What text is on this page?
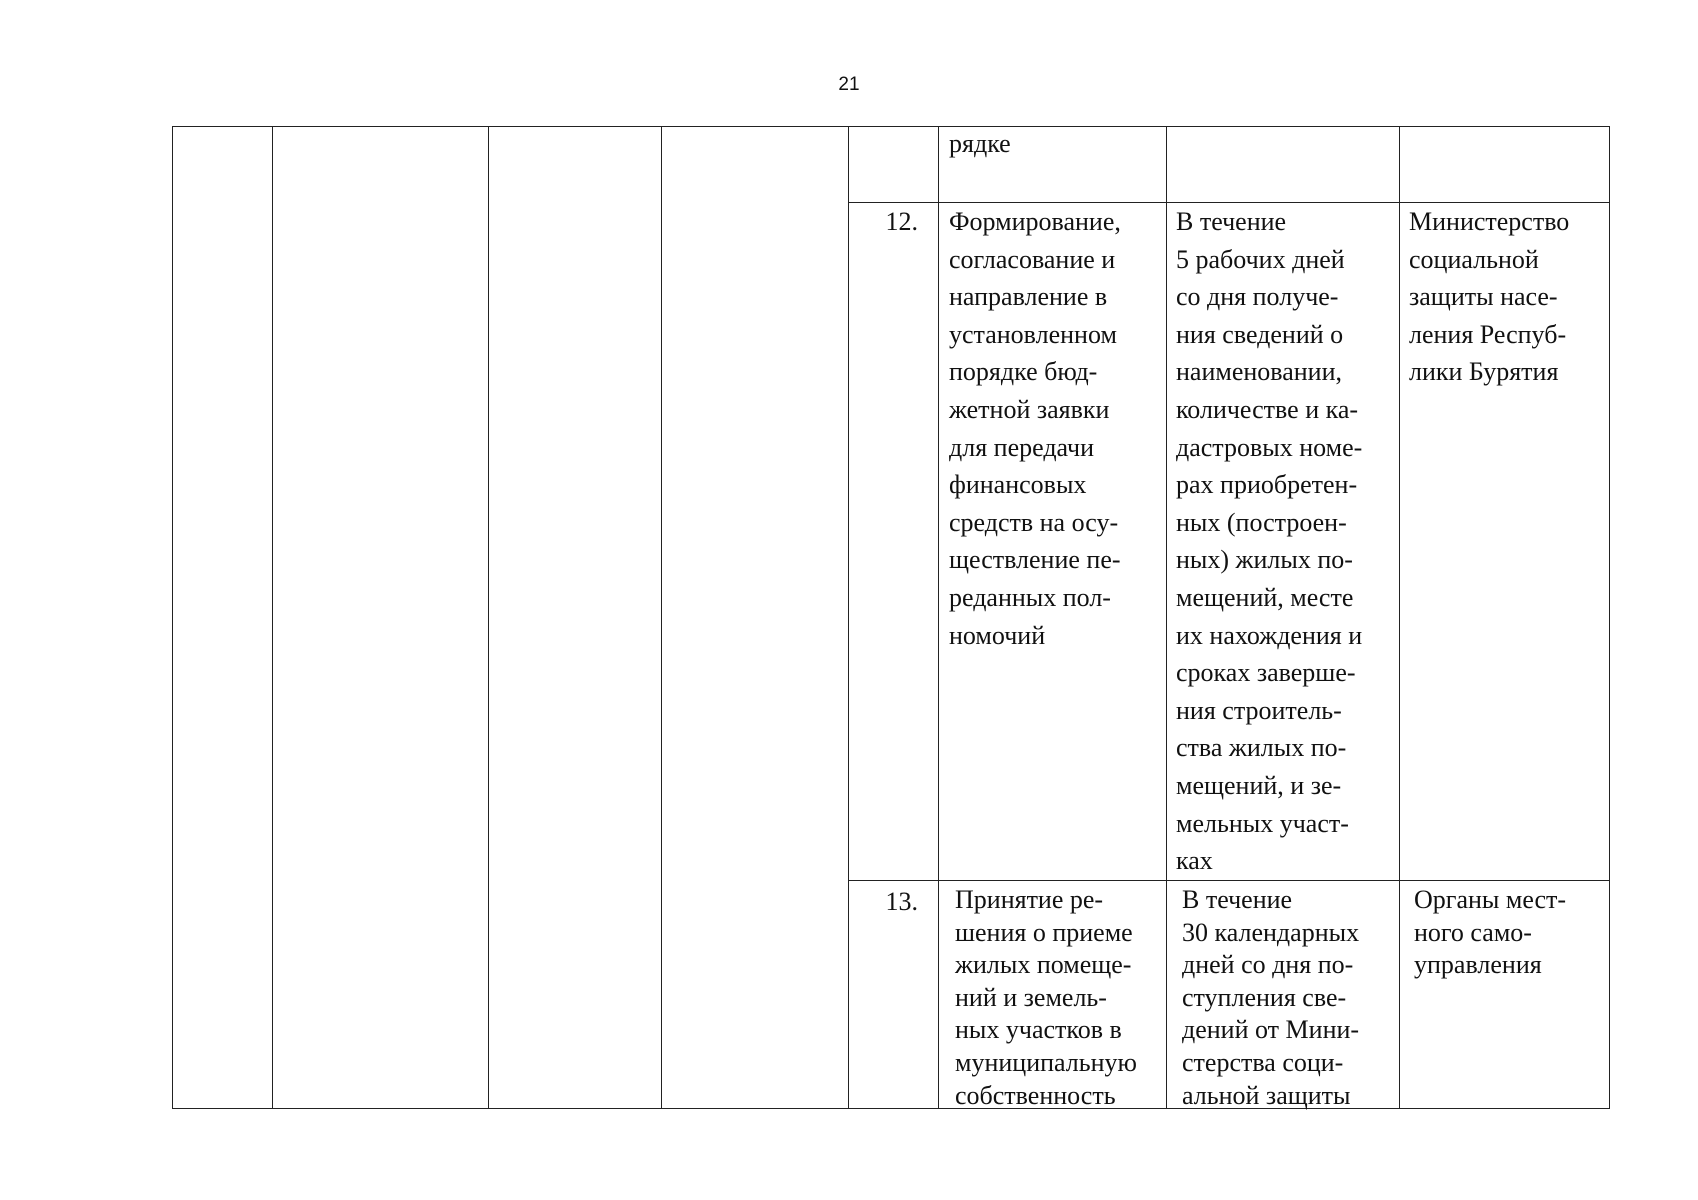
21
рядке
12. Формирование,
согласование и
направление в
установленном
порядке бюд-
жетной заявки
для передачи
финансовых
средств на осу-
ществление пе-
реданных пол-
номочий
В течение
5 рабочих дней
со дня получе-
ния сведений о
наименовании,
количестве и ка-
дастровых номе-
рах приобретен-
ных (построен-
ных) жилых по-
мещений, месте
их нахождения и
сроках заверше-
ния строитель-
ства жилых по-
мещений, и зе-
мельных участ-
ках
Министерство
социальной
защиты насе-
ления Респуб-
лики Бурятия
13. Принятие ре-
шения о приеме
жилых помеще-
ний и земель-
ных участков в
муниципальную
собственность
В течение
30 календарных
дней со дня по-
ступления све-
дений от Мини-
стерства соци-
альной защиты
Органы мест-
ного само-
управления
